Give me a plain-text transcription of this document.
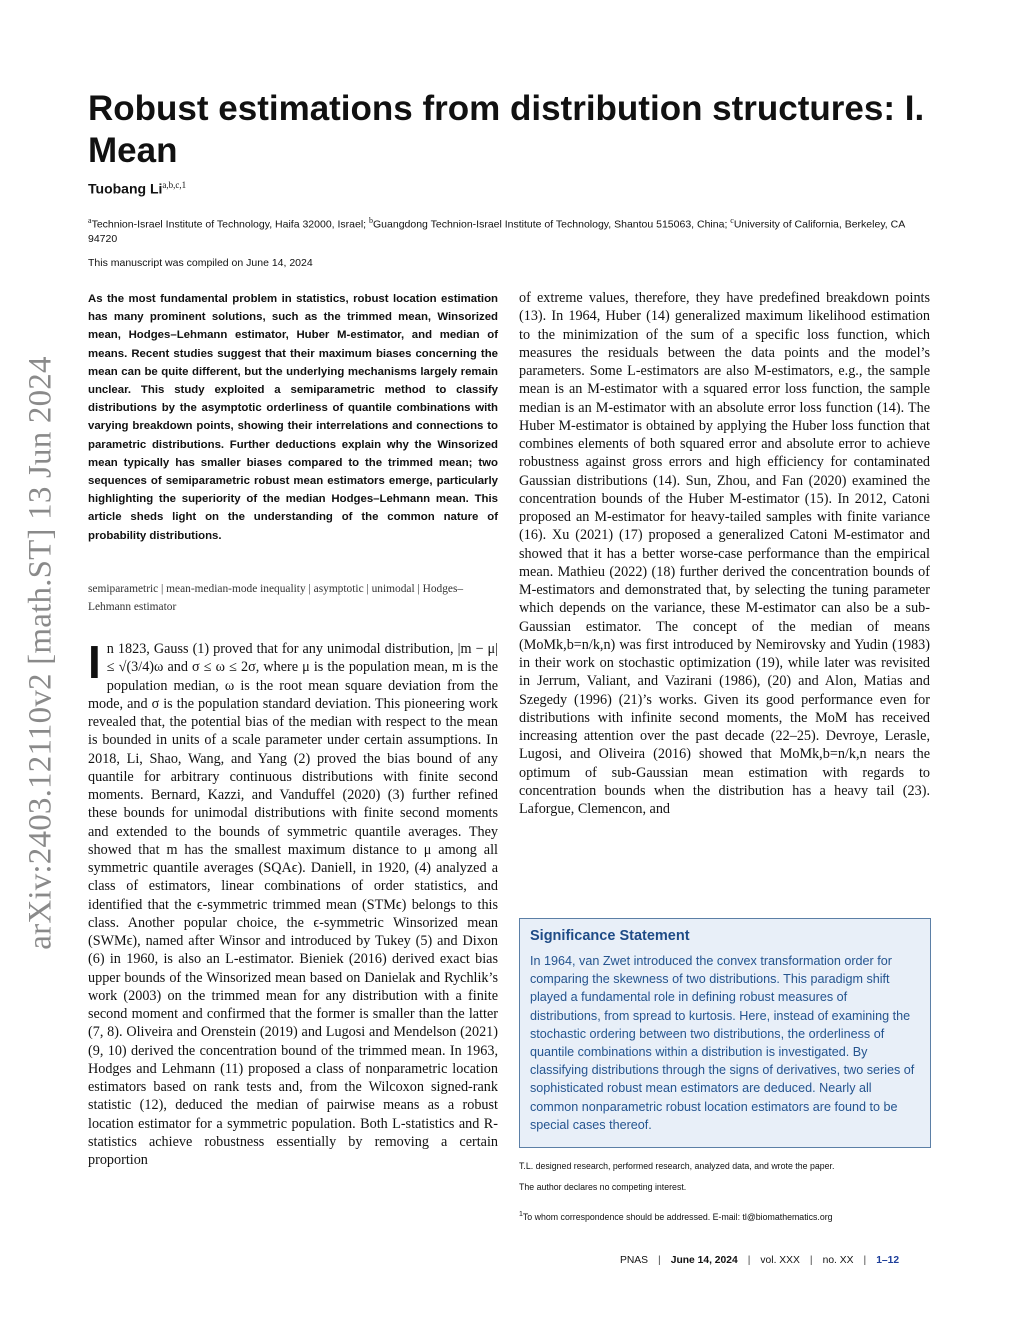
arXiv:2403.12110v2 [math.ST] 13 Jun 2024
Robust estimations from distribution structures: I. Mean
Tuobang Li$^{a,b,c,1}$
$^a$Technion-Israel Institute of Technology, Haifa 32000, Israel; $^b$Guangdong Technion-Israel Institute of Technology, Shantou 515063, China; $^c$University of California, Berkeley, CA 94720
This manuscript was compiled on June 14, 2024

As the most fundamental problem in statistics, robust location estimation has many prominent solutions, such as the trimmed mean, Winsorized mean, Hodges–Lehmann estimator, Huber M-estimator, and median of means. Recent studies suggest that their maximum biases concerning the mean can be quite different, but the underlying mechanisms largely remain unclear. This study exploited a semiparametric method to classify distributions by the asymptotic orderliness of quantile combinations with varying breakdown points, showing their interrelations and connections to parametric distributions. Further deductions explain why the Winsorized mean typically has smaller biases compared to the trimmed mean; two sequences of semiparametric robust mean estimators emerge, particularly highlighting the superiority of the median Hodges–Lehmann mean. This article sheds light on the understanding of the common nature of probability distributions.

semiparametric | mean-median-mode inequality | asymptotic | unimodal | Hodges–Lehmann estimator

In 1823, Gauss (1) proved that for any unimodal distribution, |m − μ| ≤ √(3/4)ω and σ ≤ ω ≤ 2σ, where μ is the population mean, m is the population median, ω is the root mean square deviation from the mode, and σ is the population standard deviation. This pioneering work revealed that, the potential bias of the median with respect to the mean is bounded in units of a scale parameter under certain assumptions. In 2018, Li, Shao, Wang, and Yang (2) proved the bias bound of any quantile for arbitrary continuous distributions with finite second moments. Bernard, Kazzi, and Vanduffel (2020) (3) further refined these bounds for unimodal distributions with finite second moments and extended to the bounds of symmetric quantile averages. They showed that m has the smallest maximum distance to μ among all symmetric quantile averages (SQAϵ). Daniell, in 1920, (4) analyzed a class of estimators, linear combinations of order statistics, and identified that the ϵ-symmetric trimmed mean (STMϵ) belongs to this class. Another popular choice, the ϵ-symmetric Winsorized mean (SWMϵ), named after Winsor and introduced by Tukey (5) and Dixon (6) in 1960, is also an L-estimator. Bieniek (2016) derived exact bias upper bounds of the Winsorized mean based on Danielak and Rychlik’s work (2003) on the trimmed mean for any distribution with a finite second moment and confirmed that the former is smaller than the latter (7, 8). Oliveira and Orenstein (2019) and Lugosi and Mendelson (2021) (9, 10) derived the concentration bound of the trimmed mean. In 1963, Hodges and Lehmann (11) proposed a class of nonparametric location estimators based on rank tests and, from the Wilcoxon signed-rank statistic (12), deduced the median of pairwise means as a robust location estimator for a symmetric population. Both L-statistics and R-statistics achieve robustness essentially by removing a certain proportion

of extreme values, therefore, they have predefined breakdown points (13). In 1964, Huber (14) generalized maximum likelihood estimation to the minimization of the sum of a specific loss function, which measures the residuals between the data points and the model’s parameters. Some L-estimators are also M-estimators, e.g., the sample mean is an M-estimator with a squared error loss function, the sample median is an M-estimator with an absolute error loss function (14). The Huber M-estimator is obtained by applying the Huber loss function that combines elements of both squared error and absolute error to achieve robustness against gross errors and high efficiency for contaminated Gaussian distributions (14). Sun, Zhou, and Fan (2020) examined the concentration bounds of the Huber M-estimator (15). In 2012, Catoni proposed an M-estimator for heavy-tailed samples with finite variance (16). Xu (2021) (17) proposed a generalized Catoni M-estimator and showed that it has a better worse-case performance than the empirical mean. Mathieu (2022) (18) further derived the concentration bounds of M-estimators and demonstrated that, by selecting the tuning parameter which depends on the variance, these M-estimator can also be a sub-Gaussian estimator. The concept of the median of means (MoMk,b=n/k,n) was first introduced by Nemirovsky and Yudin (1983) in their work on stochastic optimization (19), while later was revisited in Jerrum, Valiant, and Vazirani (1986), (20) and Alon, Matias and Szegedy (1996) (21)’s works. Given its good performance even for distributions with infinite second moments, the MoM has received increasing attention over the past decade (22–25). Devroye, Lerasle, Lugosi, and Oliveira (2016) showed that MoMk,b=n/k,n nears the optimum of sub-Gaussian mean estimation with regards to concentration bounds when the distribution has a heavy tail (23). Laforgue, Clemencon, and

Significance Statement

In 1964, van Zwet introduced the convex transformation order for comparing the skewness of two distributions. This paradigm shift played a fundamental role in defining robust measures of distributions, from spread to kurtosis. Here, instead of examining the stochastic ordering between two distributions, the orderliness of quantile combinations within a distribution is investigated. By classifying distributions through the signs of derivatives, two series of sophisticated robust mean estimators are deduced. Nearly all common nonparametric robust location estimators are found to be special cases thereof.

T.L. designed research, performed research, analyzed data, and wrote the paper.
The author declares no competing interest.
$^1$To whom correspondence should be addressed. E-mail: tl@biomathematics.org
PNAS | June 14, 2024 | vol. XXX | no. XX | 1–12
